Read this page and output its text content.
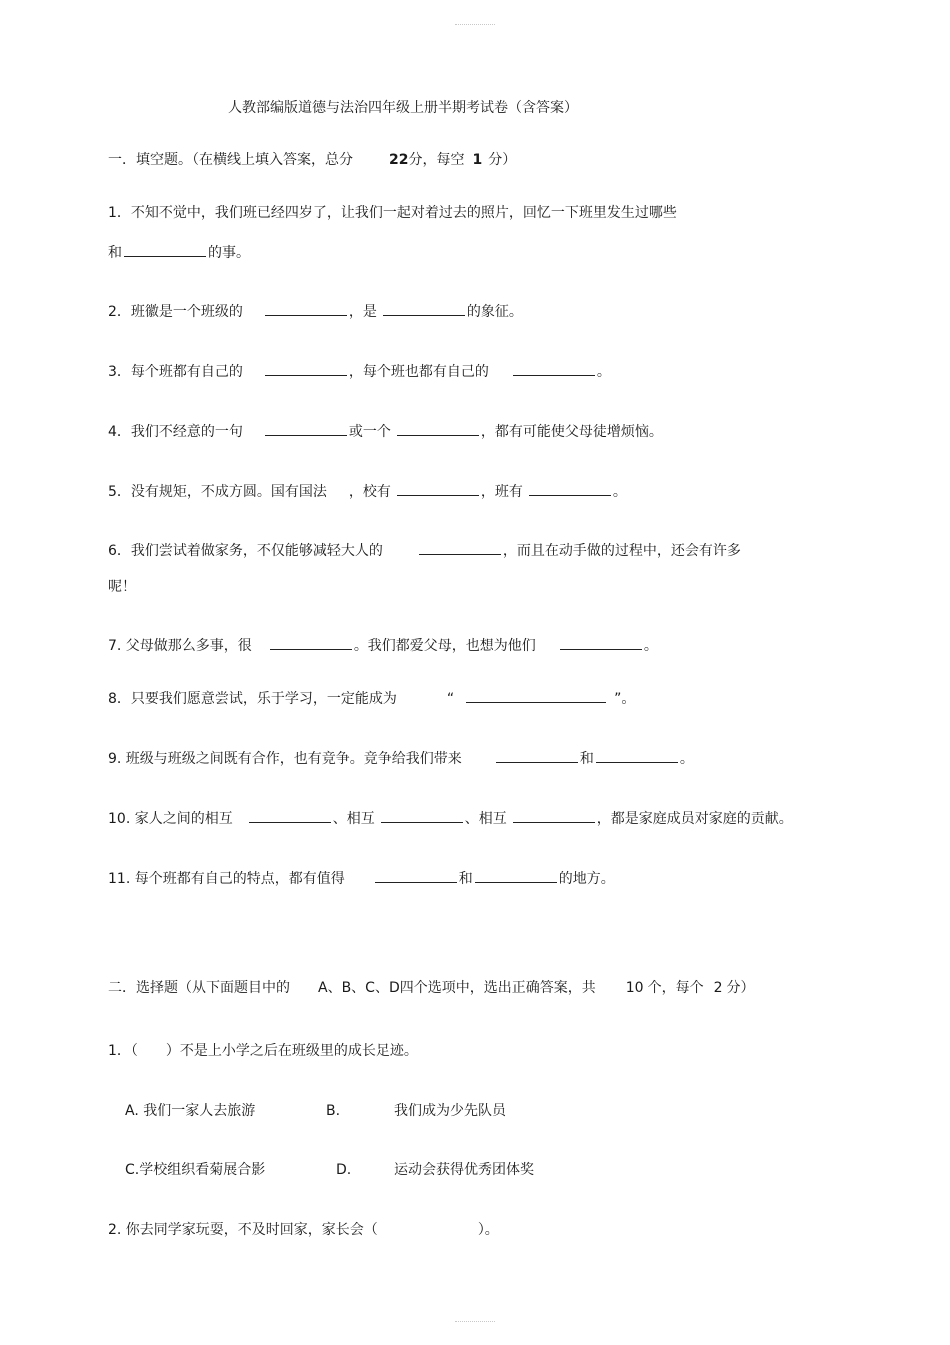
人教部编版道德与法治四年级上册半期考试卷（含答案）
一．填空题。（在横线上填入答案，总分	22分，每空 1 分）
1．不知不觉中，我们班已经四岁了，让我们一起对着过去的照片，回忆一下班里发生过哪些
和	的事。
2．班徽是一个班级的	，是	的象征。
3．每个班都有自己的	，每个班也都有自己的	。
4．我们不经意的一句	或一个	，都有可能使父母徒增烦恼。
5．没有规矩，不成方圆。国有国法 ，校有	，班有	。
6．我们尝试着做家务，不仅能够减轻大人的	，而且在动手做的过程中，还会有许多
呢！
7. 父母做那么多事，很	。我们都爱父母，也想为他们	。
8．只要我们愿意尝试，乐于学习，一定能成为	“	”。
9. 班级与班级之间既有合作，也有竞争。竞争给我们带来	和	。
10. 家人之间的相互	、相互	、相互	，都是家庭成员对家庭的贡献。
11. 每个班都有自己的特点，都有值得	和	的地方。
二．选择题（从下面题目中的 A、B、C、D四个选项中，选出正确答案，共 10 个，每个 2 分）
1．（　　）不是上小学之后在班级里的成长足迹。
A. 我们一家人去旅游	B.	我们成为少先队员
C.学校组织看菊展合影	D.	运动会获得优秀团体奖
2. 你去同学家玩耍，不及时回家，家长会（	）。
